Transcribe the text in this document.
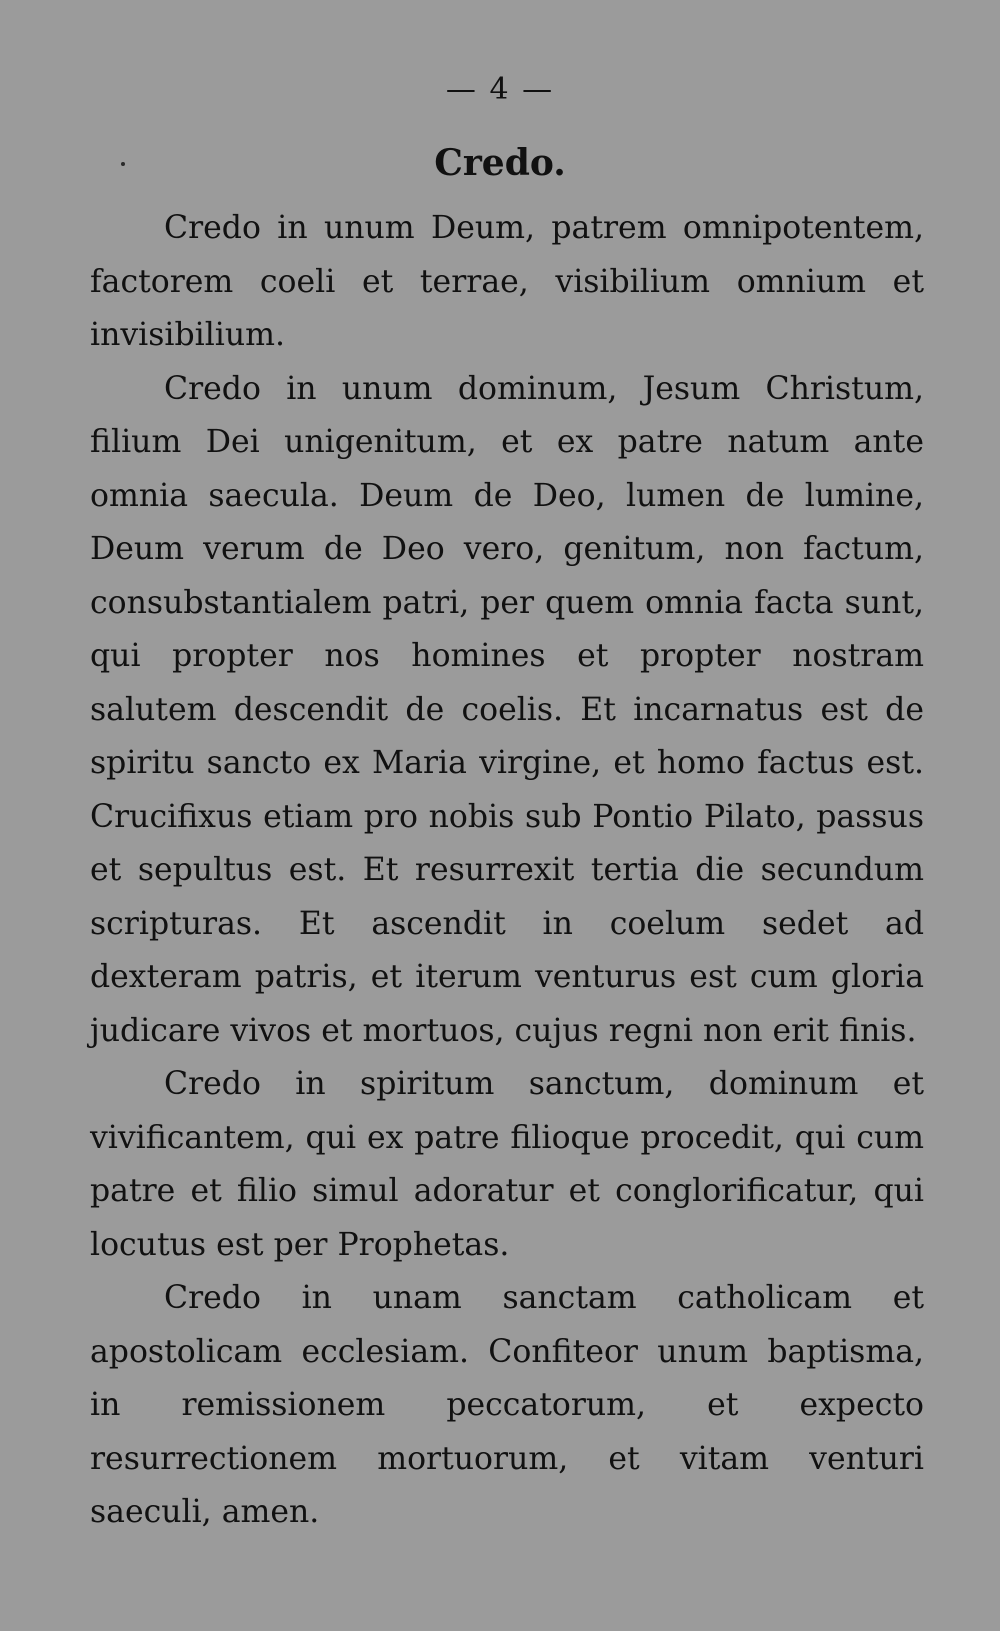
— 4 —
Credo.

Credo in unum Deum, patrem omnipotentem, factorem coeli et terrae, visibilium omnium et invisibilium.

Credo in unum dominum, Jesum Christum, filium Dei unigenitum, et ex patre natum ante omnia saecula. Deum de Deo, lumen de lumine, Deum verum de Deo vero, genitum, non factum, consubstantialem patri, per quem omnia facta sunt, qui propter nos homines et propter nostram salutem descendit de coelis. Et incarnatus est de spiritu sancto ex Maria virgine, et homo factus est. Crucifixus etiam pro nobis sub Pontio Pilato, passus et sepultus est. Et resurrexit tertia die secundum scripturas. Et ascendit in coelum sedet ad dexteram patris, et iterum venturus est cum gloria judicare vivos et mortuos, cujus regni non erit finis.

Credo in spiritum sanctum, dominum et vivificantem, qui ex patre filioque procedit, qui cum patre et filio simul adoratur et conglorificatur, qui locutus est per Prophetas.

Credo in unam sanctam catholicam et apostolicam ecclesiam. Confiteor unum baptisma, in remissionem peccatorum, et expecto resurrectionem mortuorum, et vitam venturi saeculi, amen.
